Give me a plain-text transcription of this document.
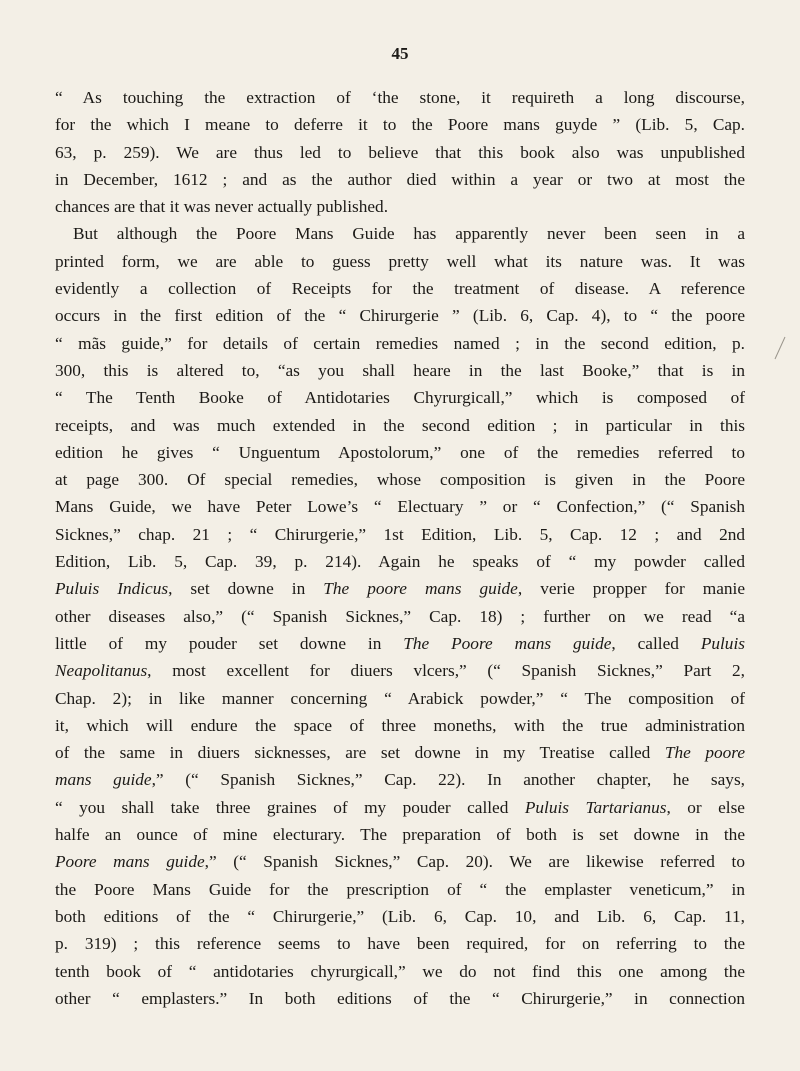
45
“ As touching the extraction of ‘the stone, it requireth a long discourse,
for the which I meane to deferre it to the Poore mans guyde ” (Lib. 5, Cap.
63, p. 259). We are thus led to believe that this book also was unpublished
in December, 1612 ; and as the author died within a year or two at most the
chances are that it was never actually published.
But although the Poore Mans Guide has apparently never been seen in a
printed form, we are able to guess pretty well what its nature was. It was
evidently a collection of Receipts for the treatment of disease. A reference
occurs in the first edition of the “ Chirurgerie ” (Lib. 6, Cap. 4), to “ the poore
“ mãs guide,” for details of certain remedies named ; in the second edition, p.
300, this is altered to, “as you shall heare in the last Booke,” that is in
“ The Tenth Booke of Antidotaries Chyrurgicall,” which is composed of
receipts, and was much extended in the second edition ; in particular in this
edition he gives “ Unguentum Apostolorum,” one of the remedies referred to
at page 300. Of special remedies, whose composition is given in the Poore
Mans Guide, we have Peter Lowe’s “ Electuary ” or “ Confection,” (“ Spanish
Sicknes,” chap. 21 ; “ Chirurgerie,” 1st Edition, Lib. 5, Cap. 12 ; and 2nd
Edition, Lib. 5, Cap. 39, p. 214). Again he speaks of “ my powder called
Puluis Indicus, set downe in The poore mans guide, verie propper for manie
other diseases also,” (“ Spanish Sicknes,” Cap. 18) ; further on we read “a
little of my pouder set downe in The Poore mans guide, called Puluis
Neapolitanus, most excellent for diuers vlcers,” (“ Spanish Sicknes,” Part 2,
Chap. 2); in like manner concerning “ Arabick powder,” “ The composition of
it, which will endure the space of three moneths, with the true administration
of the same in diuers sicknesses, are set downe in my Treatise called The poore
mans guide,” (“ Spanish Sicknes,” Cap. 22). In another chapter, he says,
“ you shall take three graines of my pouder called Puluis Tartarianus, or else
halfe an ounce of mine electurary. The preparation of both is set downe in the
Poore mans guide,” (“ Spanish Sicknes,” Cap. 20). We are likewise referred to
the Poore Mans Guide for the prescription of “ the emplaster veneticum,” in
both editions of the “ Chirurgerie,” (Lib. 6, Cap. 10, and Lib. 6, Cap. 11,
p. 319) ; this reference seems to have been required, for on referring to the
tenth book of “ antidotaries chyrurgicall,” we do not find this one among the
other “ emplasters.” In both editions of the “ Chirurgerie,” in connection
